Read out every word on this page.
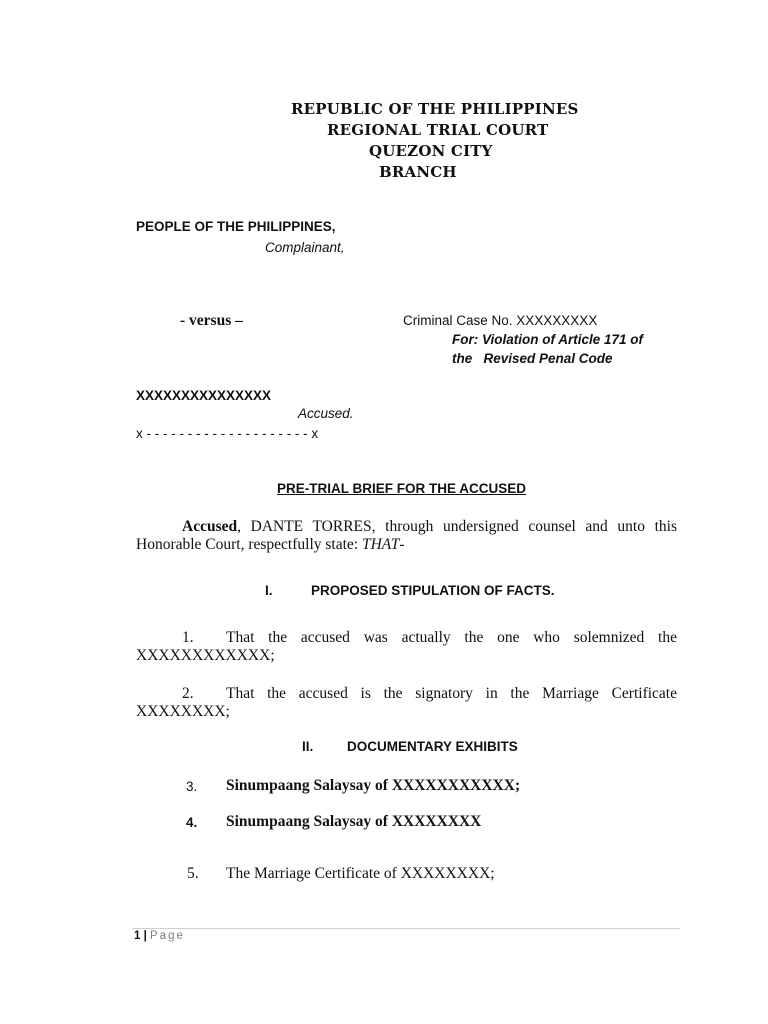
REPUBLIC OF THE PHILIPPINES
REGIONAL TRIAL COURT
QUEZON CITY
BRANCH
PEOPLE OF THE PHILIPPINES,
Complainant,
- versus –	Criminal Case No. XXXXXXXXX
For: Violation of Article 171 of
the   Revised Penal Code
XXXXXXXXXXXXXXX
Accused.
x - - - - - - - - - - - - - - - - - - - - x
PRE-TRIAL BRIEF FOR THE ACCUSED
Accused, DANTE TORRES, through undersigned counsel and unto this Honorable Court, respectfully state: THAT-
I.	PROPOSED STIPULATION OF FACTS.
1. That the accused was actually the one who solemnized the XXXXXXXXXXXX;
2. That the accused is the signatory in the Marriage Certificate XXXXXXXX;
II. DOCUMENTARY EXHIBITS
3. Sinumpaang Salaysay of XXXXXXXXXXX;
4. Sinumpaang Salaysay of XXXXXXXX
5. The Marriage Certificate of XXXXXXXX;
1 | Page
